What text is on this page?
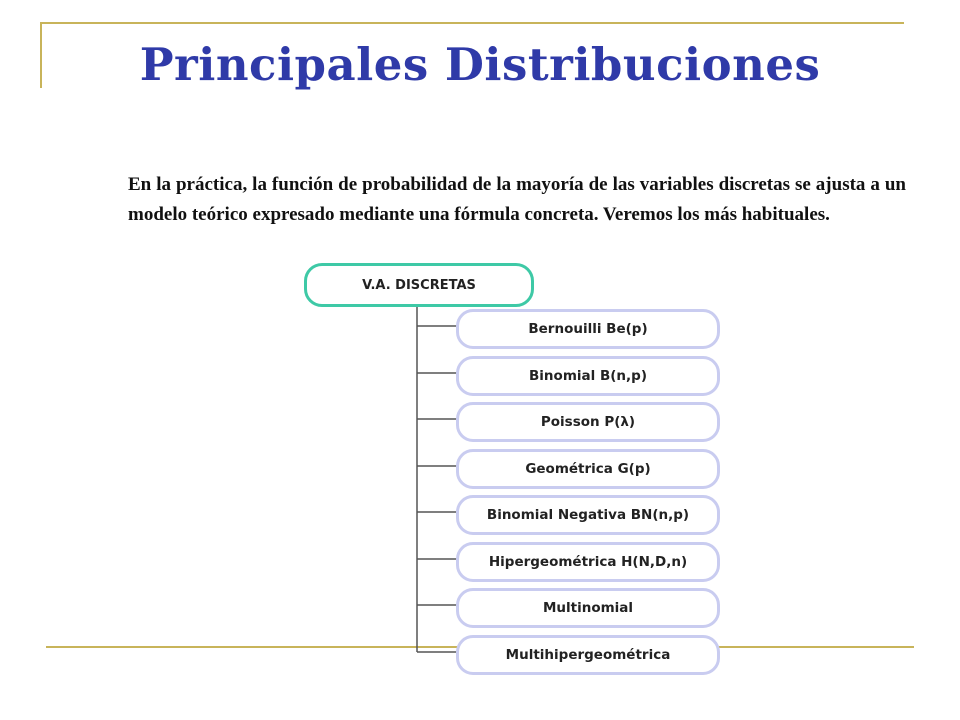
Principales Distribuciones

En la práctica, la función de probabilidad de la mayoría de las variables discretas se ajusta a un modelo teórico expresado mediante una fórmula concreta. Veremos los más habituales.

V.A. DISCRETAS
Bernouilli Be(p)
Binomial B(n,p)
Poisson P(λ)
Geométrica G(p)
Binomial Negativa BN(n,p)
Hipergeométrica H(N,D,n)
Multinomial
Multihipergeométrica
